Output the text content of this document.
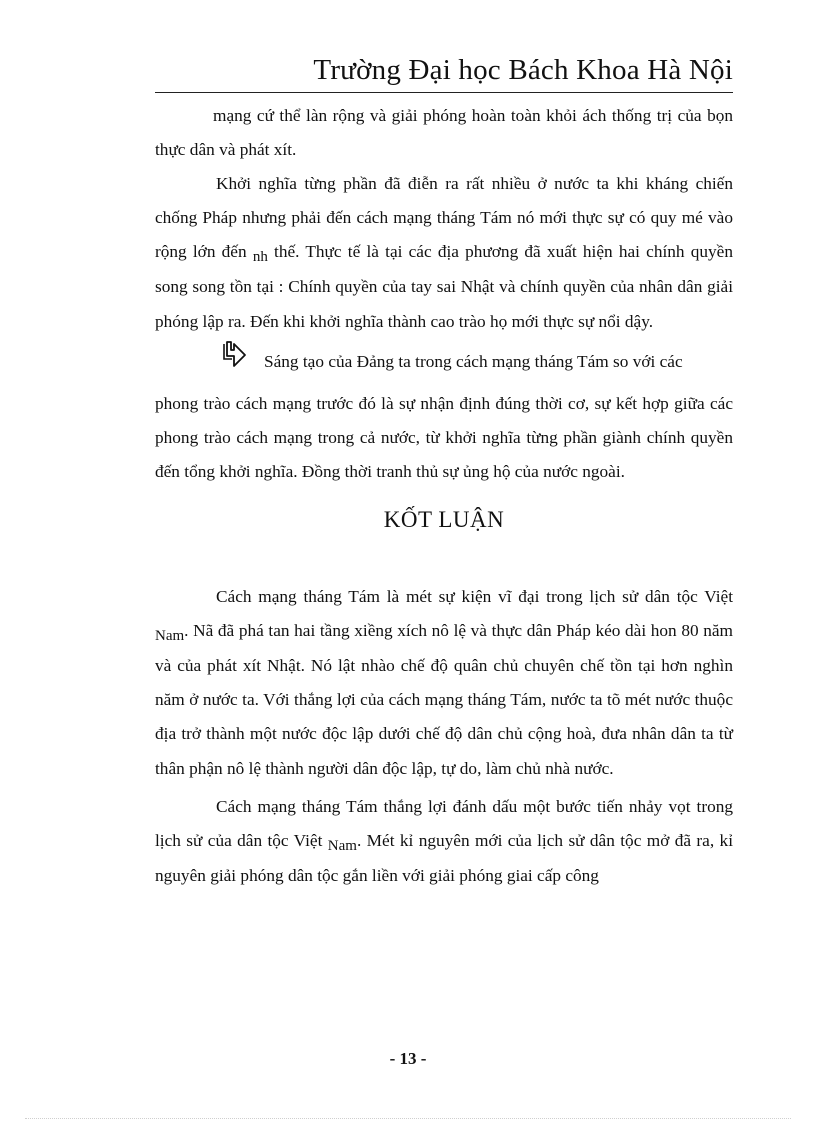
Trường Đại học Bách Khoa Hà Nội

mạng cứ thể làn rộng và giải phóng hoàn toàn khỏi ách thống trị của bọn thực dân và phát xít.

Khởi nghĩa từng phần đã điễn ra rất nhiều ở nước ta khi kháng chiến chống Pháp nhưng phải đến cách mạng tháng Tám nó mới thực sự có quy mé vào rộng lớn đến nh thế. Thực tế là tại các địa phương đã xuất hiện hai chính quyền song song tồn tại : Chính quyền của tay sai Nhật và chính quyền của nhân dân giải phóng lập ra. Đến khi khởi nghĩa thành cao trào họ mới thực sự nổi dậy.

Sáng tạo của Đảng ta trong cách mạng tháng Tám so với các

phong trào cách mạng trước đó là sự nhận định đúng thời cơ, sự kết hợp giữa các phong trào cách mạng trong cả nước, từ khởi nghĩa từng phần giành chính quyền đến tổng khởi nghĩa. Đồng thời tranh thủ sự ủng hộ của nước ngoài.

KỐT LUẬN

Cách mạng tháng Tám là mét sự kiện vĩ đại trong lịch sử dân tộc Việt Nam. Nã đã phá tan hai tầng xiềng xích nô lệ và thực dân Pháp kéo dài hon 80 năm và của phát xít Nhật. Nó lật nhào chế độ quân chủ chuyên chế tồn tại hơn nghìn năm ở nước ta. Với thắng lợi của cách mạng tháng Tám, nước ta tõ mét nước thuộc địa trở thành một nước độc lập dưới chế độ dân chủ cộng hoà, đưa nhân dân ta từ thân phận nô lệ thành người dân độc lập, tự do, làm chủ nhà nước.

Cách mạng tháng Tám thắng lợi đánh dấu một bước tiến nhảy vọt trong lịch sử của dân tộc Việt Nam. Mét kỉ nguyên mới của lịch sử dân tộc mở đã ra, kỉ nguyên giải phóng dân tộc gắn liền với giải phóng giai cấp công

- 13 -
